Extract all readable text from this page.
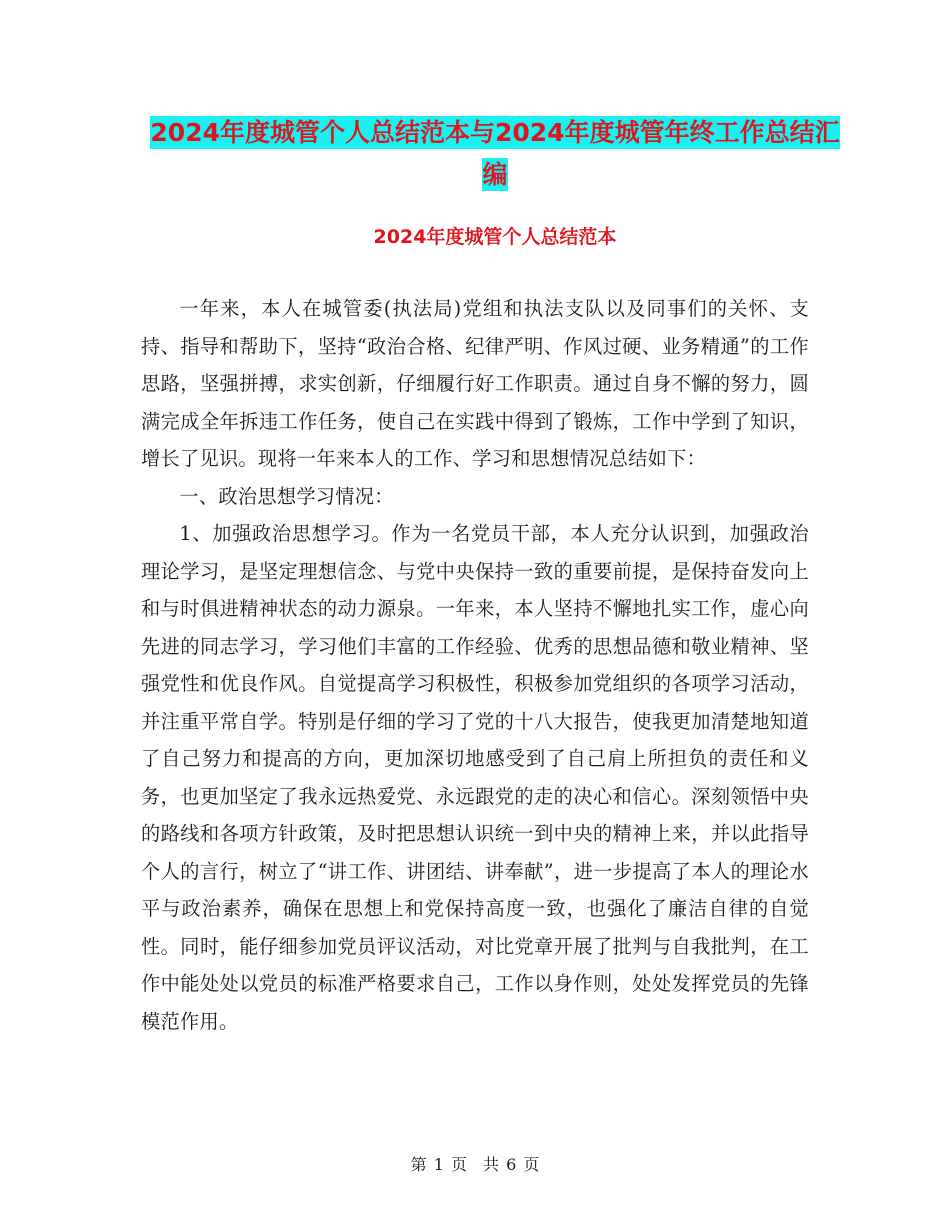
2024年度城管个人总结范本与2024年度城管年终工作总结汇编
2024年度城管个人总结范本

一年来，本人在城管委(执法局)党组和执法支队以及同事们的关怀、支持、指导和帮助下，坚持“政治合格、纪律严明、作风过硬、业务精通”的工作思路，坚强拼搏，求实创新，仔细履行好工作职责。通过自身不懈的努力，圆满完成全年拆违工作任务，使自己在实践中得到了锻炼，工作中学到了知识，增长了见识。现将一年来本人的工作、学习和思想情况总结如下：

一、政治思想学习情况：

1、加强政治思想学习。作为一名党员干部，本人充分认识到，加强政治理论学习，是坚定理想信念、与党中央保持一致的重要前提，是保持奋发向上和与时俱进精神状态的动力源泉。一年来，本人坚持不懈地扎实工作，虚心向先进的同志学习，学习他们丰富的工作经验、优秀的思想品德和敬业精神、坚强党性和优良作风。自觉提高学习积极性，积极参加党组织的各项学习活动，并注重平常自学。特别是仔细的学习了党的十八大报告，使我更加清楚地知道了自己努力和提高的方向，更加深切地感受到了自己肩上所担负的责任和义务，也更加坚定了我永远热爱党、永远跟党的走的决心和信心。深刻领悟中央的路线和各项方针政策，及时把思想认识统一到中央的精神上来，并以此指导个人的言行，树立了“讲工作、讲团结、讲奉献”，进一步提高了本人的理论水平与政治素养，确保在思想上和党保持高度一致，也强化了廉洁自律的自觉性。同时，能仔细参加党员评议活动，对比党章开展了批判与自我批判，在工作中能处处以党员的标准严格要求自己，工作以身作则，处处发挥党员的先锋模范作用。

第 1 页　共 6 页
